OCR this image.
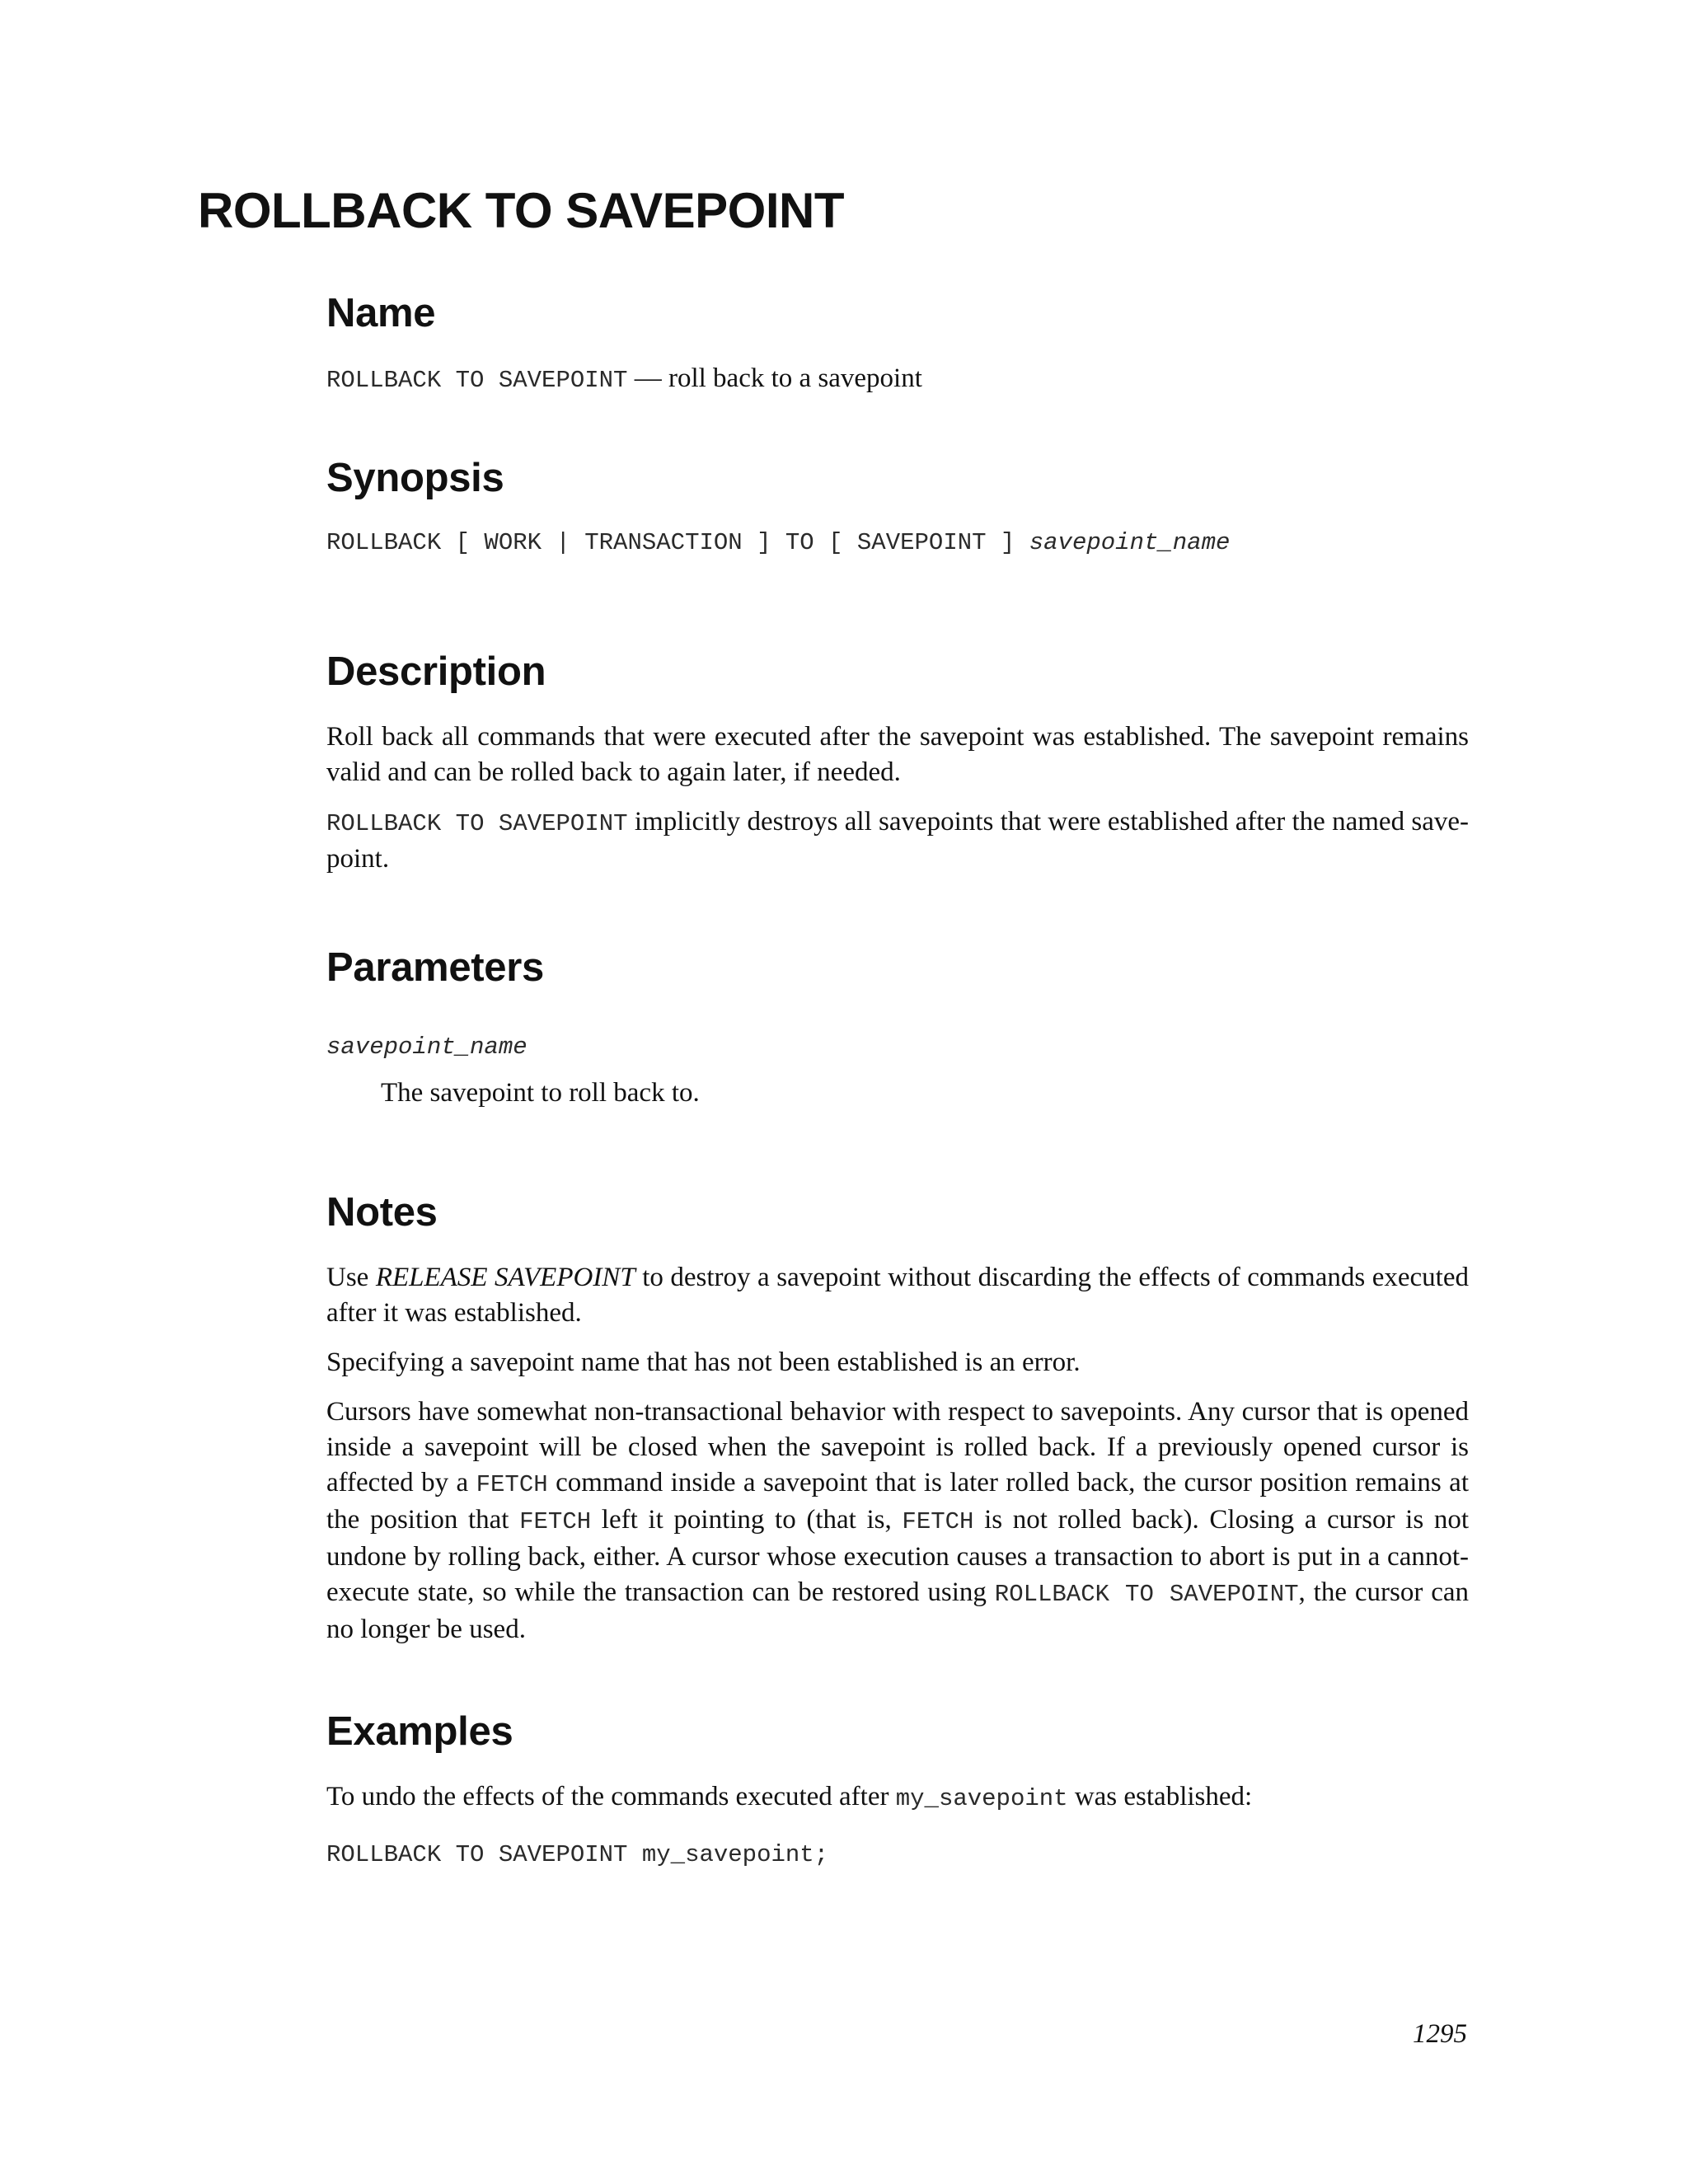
ROLLBACK TO SAVEPOINT
Name
ROLLBACK TO SAVEPOINT — roll back to a savepoint
Synopsis
ROLLBACK [ WORK | TRANSACTION ] TO [ SAVEPOINT ] savepoint_name
Description

Roll back all commands that were executed after the savepoint was established. The savepoint remains valid and can be rolled back to again later, if needed.

ROLLBACK TO SAVEPOINT implicitly destroys all savepoints that were established after the named save-point.

Parameters
savepoint_name
The savepoint to roll back to.
Notes

Use RELEASE SAVEPOINT to destroy a savepoint without discarding the effects of commands executed after it was established.

Specifying a savepoint name that has not been established is an error.

Cursors have somewhat non-transactional behavior with respect to savepoints. Any cursor that is opened inside a savepoint will be closed when the savepoint is rolled back. If a previously opened cursor is affected by a FETCH command inside a savepoint that is later rolled back, the cursor position remains at the position that FETCH left it pointing to (that is, FETCH is not rolled back). Closing a cursor is not undone by rolling back, either. A cursor whose execution causes a transaction to abort is put in a cannot-execute state, so while the transaction can be restored using ROLLBACK TO SAVEPOINT, the cursor can no longer be used.

Examples
To undo the effects of the commands executed after my_savepoint was established:
ROLLBACK TO SAVEPOINT my_savepoint;
1295
